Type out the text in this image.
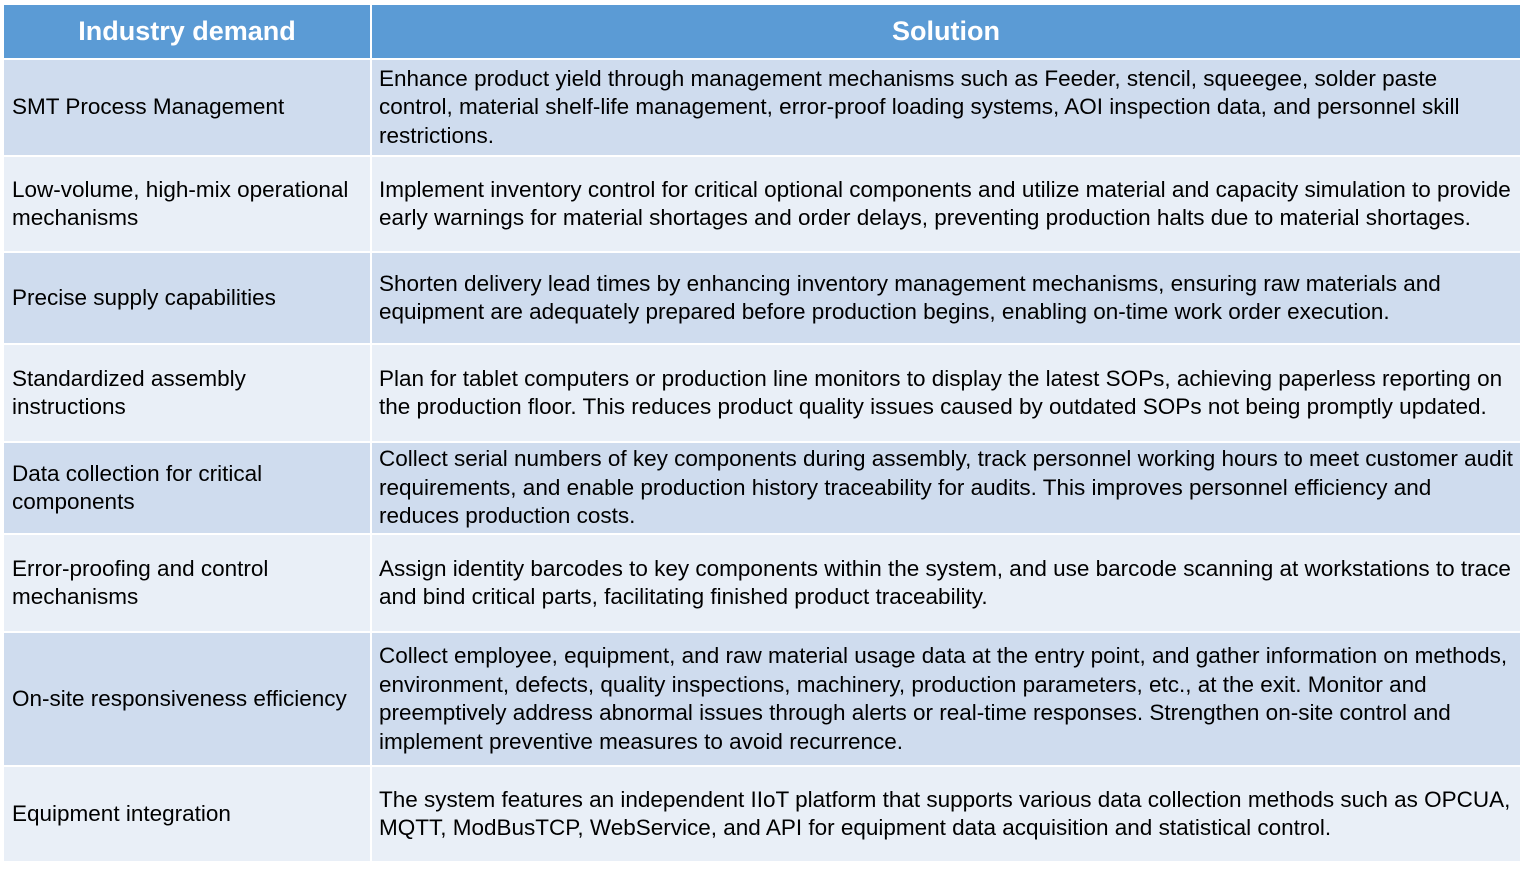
Industry demand	Solution
SMT Process Management	Enhance product yield through management mechanisms such as Feeder, stencil, squeegee, solder paste control, material shelf-life management, error-proof loading systems, AOI inspection data, and personnel skill restrictions.
Low-volume, high-mix operational mechanisms	Implement inventory control for critical optional components and utilize material and capacity simulation to provide early warnings for material shortages and order delays, preventing production halts due to material shortages.
Precise supply capabilities	Shorten delivery lead times by enhancing inventory management mechanisms, ensuring raw materials and equipment are adequately prepared before production begins, enabling on-time work order execution.
Standardized assembly instructions	Plan for tablet computers or production line monitors to display the latest SOPs, achieving paperless reporting on the production floor. This reduces product quality issues caused by outdated SOPs not being promptly updated.
Data collection for critical components	Collect serial numbers of key components during assembly, track personnel working hours to meet customer audit requirements, and enable production history traceability for audits. This improves personnel efficiency and reduces production costs.
Error-proofing and control mechanisms	Assign identity barcodes to key components within the system, and use barcode scanning at workstations to trace and bind critical parts, facilitating finished product traceability.
On-site responsiveness efficiency	Collect employee, equipment, and raw material usage data at the entry point, and gather information on methods, environment, defects, quality inspections, machinery, production parameters, etc., at the exit. Monitor and preemptively address abnormal issues through alerts or real-time responses. Strengthen on-site control and implement preventive measures to avoid recurrence.
Equipment integration	The system features an independent IIoT platform that supports various data collection methods such as OPCUA, MQTT, ModBusTCP, WebService, and API for equipment data acquisition and statistical control.
